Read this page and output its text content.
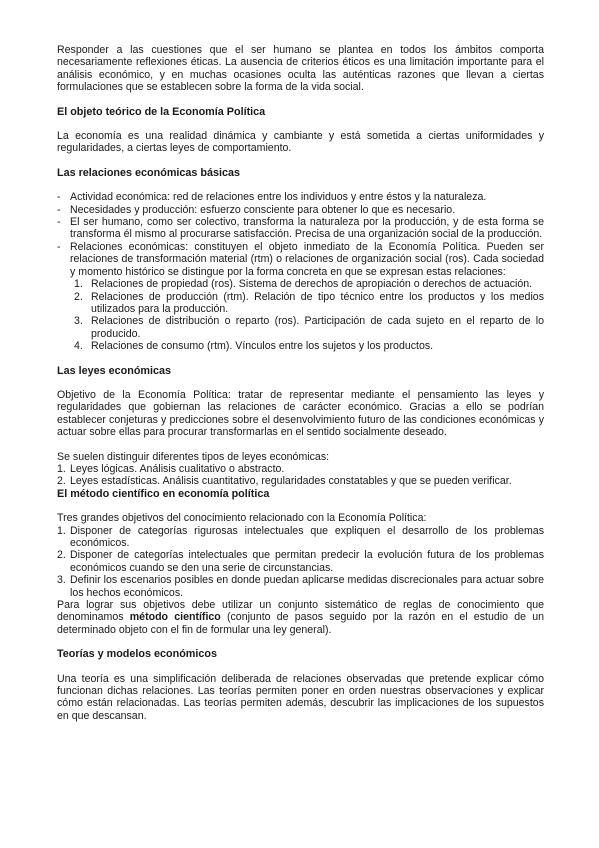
Responder a las cuestiones que el ser humano se plantea en todos los ámbitos comporta necesariamente reflexiones éticas. La ausencia de criterios éticos es una limitación importante para el análisis económico, y en muchas ocasiones oculta las auténticas razones que llevan a ciertas formulaciones que se establecen sobre la forma de la vida social.

El objeto teórico de la Economía Política

La economía es una realidad dinámica y cambiante y está sometida a ciertas uniformidades y regularidades, a ciertas leyes de comportamiento.

Las relaciones económicas básicas
- Actividad económica: red de relaciones entre los individuos y entre éstos y la naturaleza.
- Necesidades y producción: esfuerzo consciente para obtener lo que es necesario.
- El ser humano, como ser colectivo, transforma la naturaleza por la producción, y de esta forma se transforma él mismo al procurarse satisfacción. Precisa de una organización social de la producción.
- Relaciones económicas: constituyen el objeto inmediato de la Economía Política. Pueden ser relaciones de transformación material (rtm) o relaciones de organización social (ros). Cada sociedad y momento histórico se distingue por la forma concreta en que se expresan estas relaciones:
1. Relaciones de propiedad (ros). Sistema de derechos de apropiación o derechos de actuación.
2. Relaciones de producción (rtm). Relación de tipo técnico entre los productos y los medios utilizados para la producción.
3. Relaciones de distribución o reparto (ros). Participación de cada sujeto en el reparto de lo producido.
4. Relaciones de consumo (rtm). Vínculos entre los sujetos y los productos.
Las leyes económicas

Objetivo de la Economía Política: tratar de representar mediante el pensamiento las leyes y regularidades que gobiernan las relaciones de carácter económico. Gracias a ello se podrían establecer conjeturas y predicciones sobre el desenvolvimiento futuro de las condiciones económicas y actuar sobre ellas para procurar transformarlas en el sentido socialmente deseado.

Se suelen distinguir diferentes tipos de leyes económicas:

1. Leyes lógicas. Análisis cualitativo o abstracto.
2. Leyes estadísticas. Análisis cuantitativo, regularidades constatables y que se pueden verificar.
El método científico en economía política

Tres grandes objetivos del conocimiento relacionado con la Economía Política:

1. Disponer de categorías rigurosas intelectuales que expliquen el desarrollo de los problemas económicos.
2. Disponer de categorías intelectuales que permitan predecir la evolución futura de los problemas económicos cuando se den una serie de circunstancias.
3. Definir los escenarios posibles en donde puedan aplicarse medidas discrecionales para actuar sobre los hechos económicos.

Para lograr sus objetivos debe utilizar un conjunto sistemático de reglas de conocimiento que denominamos método científico (conjunto de pasos seguido por la razón en el estudio de un determinado objeto con el fin de formular una ley general).

Teorías y modelos económicos

Una teoría es una simplificación deliberada de relaciones observadas que pretende explicar cómo funcionan dichas relaciones. Las teorías permiten poner en orden nuestras observaciones y explicar cómo están relacionadas. Las teorías permiten además, descubrir las implicaciones de los supuestos en que descansan.
